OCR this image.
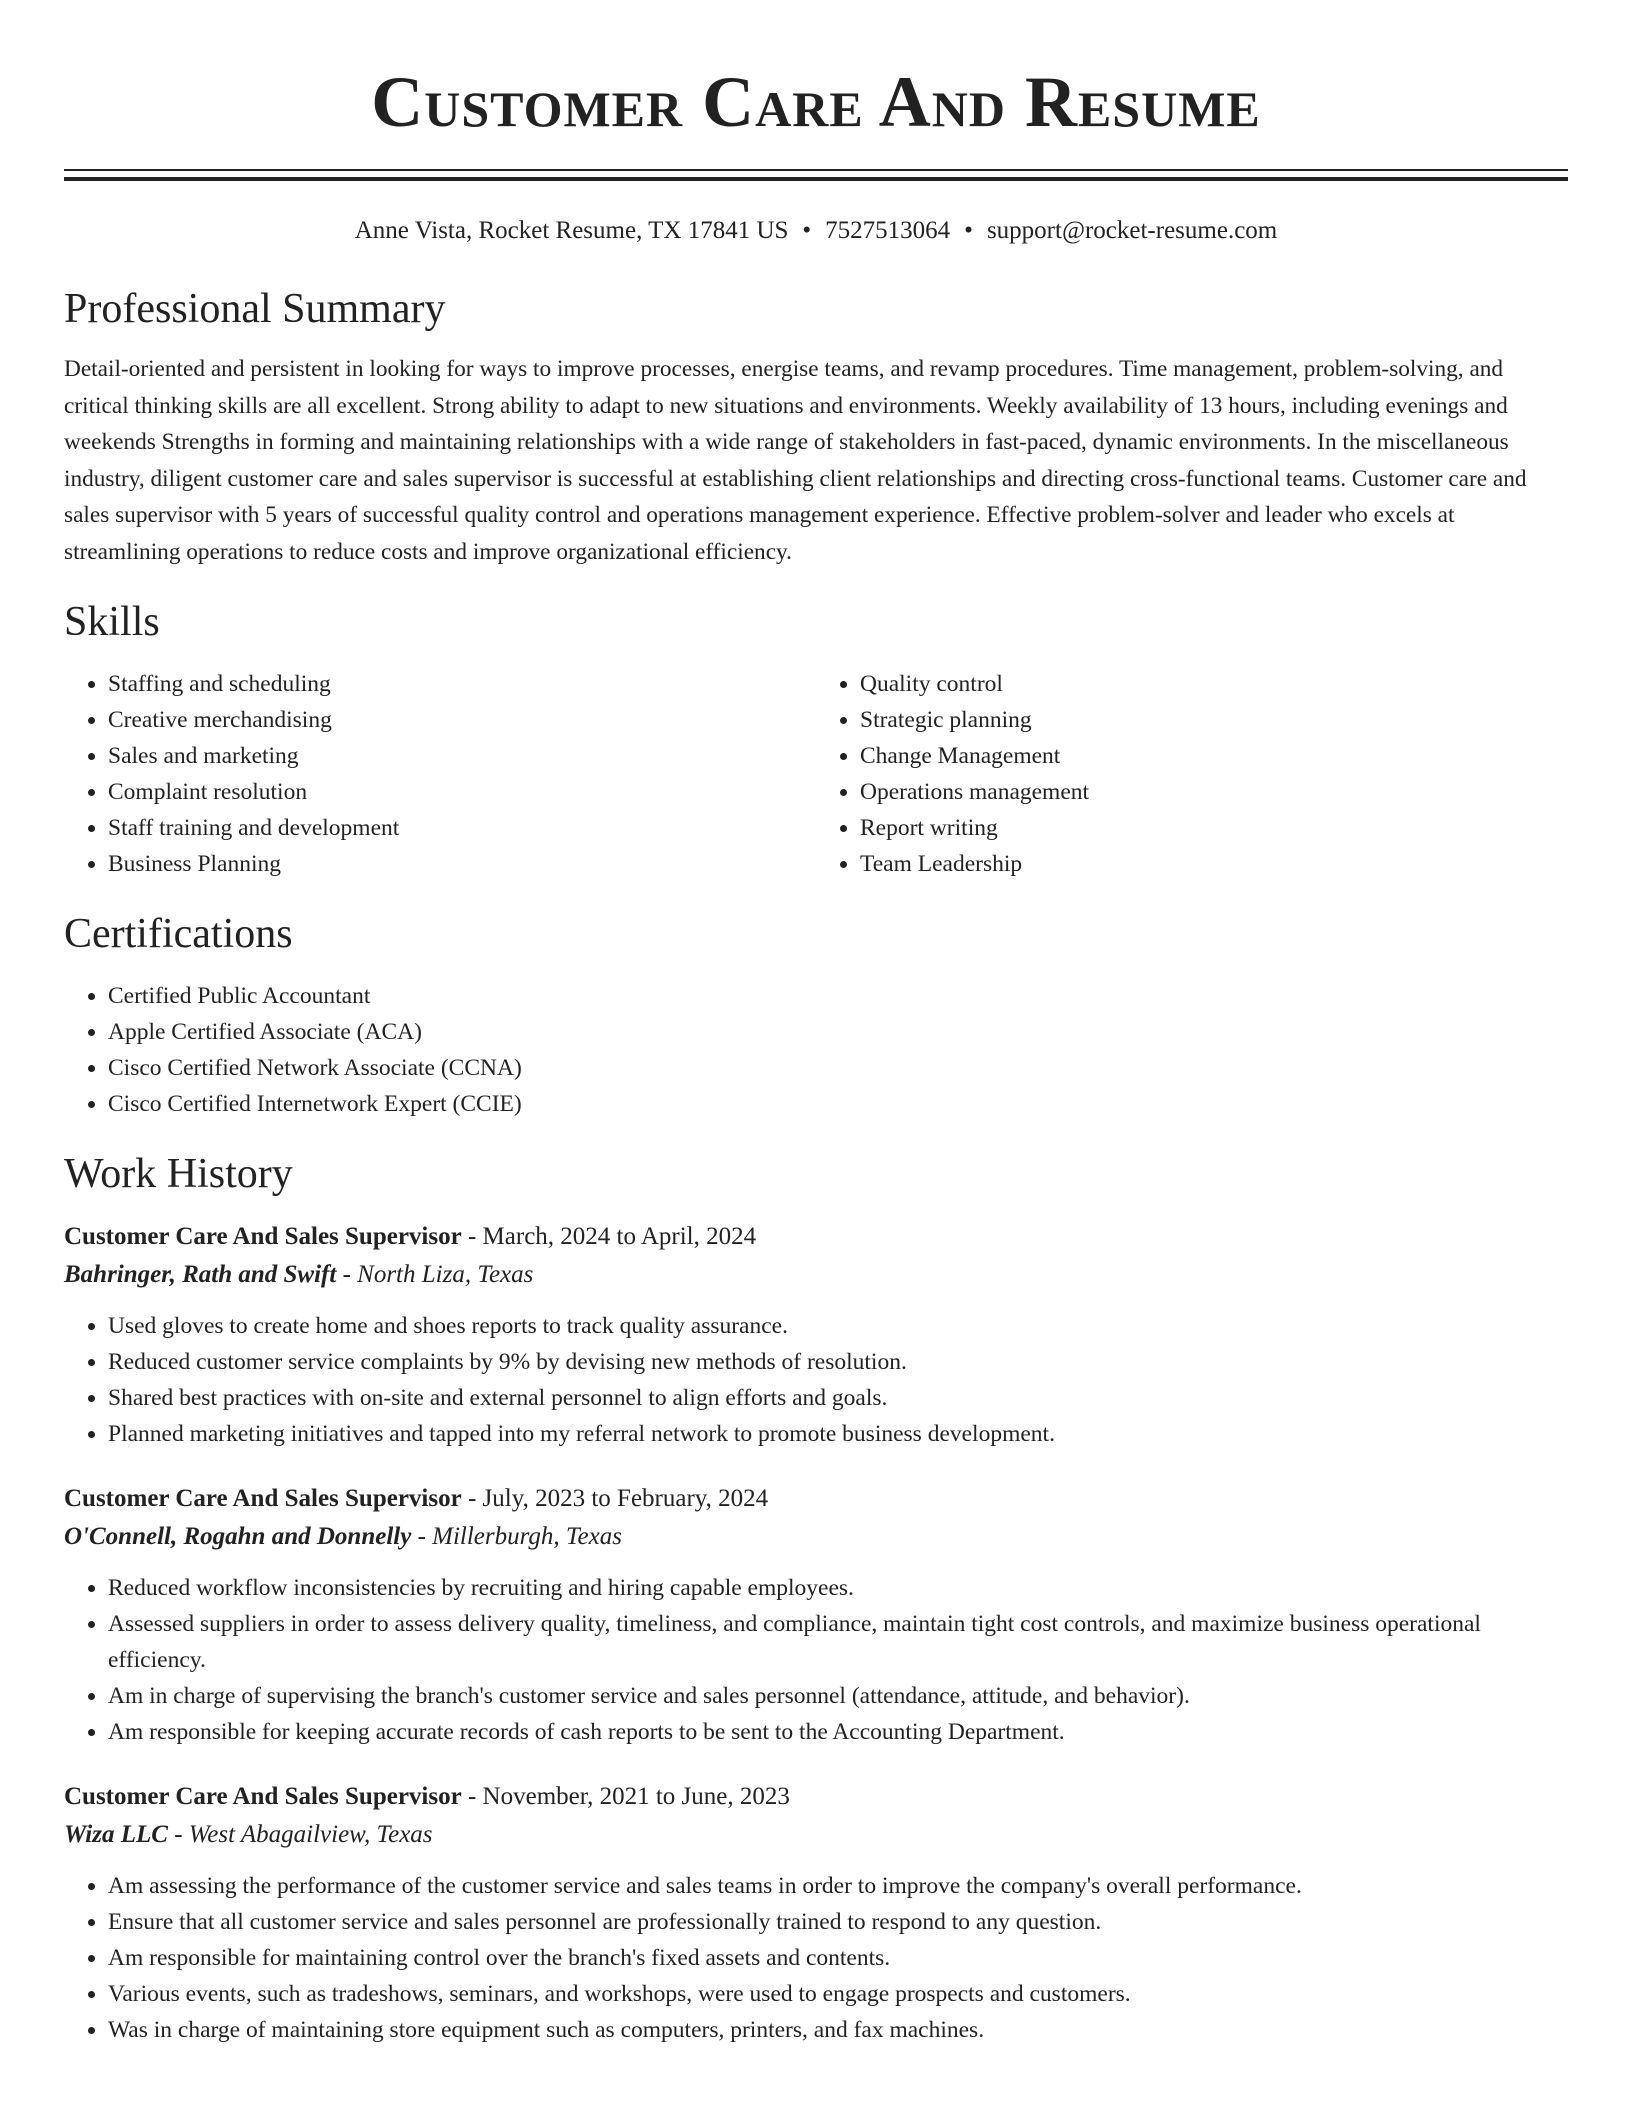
Customer Care And Resume
Anne Vista, Rocket Resume, TX 17841 US • 7527513064 • support@rocket-resume.com
Professional Summary

Detail-oriented and persistent in looking for ways to improve processes, energise teams, and revamp procedures. Time management, problem-solving, and critical thinking skills are all excellent. Strong ability to adapt to new situations and environments. Weekly availability of 13 hours, including evenings and weekends Strengths in forming and maintaining relationships with a wide range of stakeholders in fast-paced, dynamic environments. In the miscellaneous industry, diligent customer care and sales supervisor is successful at establishing client relationships and directing cross-functional teams. Customer care and sales supervisor with 5 years of successful quality control and operations management experience. Effective problem-solver and leader who excels at streamlining operations to reduce costs and improve organizational efficiency.

Skills
• Staffing and scheduling
• Creative merchandising
• Sales and marketing
• Complaint resolution
• Staff training and development
• Business Planning
• Quality control
• Strategic planning
• Change Management
• Operations management
• Report writing
• Team Leadership
Certifications
• Certified Public Accountant
• Apple Certified Associate (ACA)
• Cisco Certified Network Associate (CCNA)
• Cisco Certified Internetwork Expert (CCIE)
Work History
Customer Care And Sales Supervisor - March, 2024 to April, 2024
Bahringer, Rath and Swift - North Liza, Texas
• Used gloves to create home and shoes reports to track quality assurance.
• Reduced customer service complaints by 9% by devising new methods of resolution.
• Shared best practices with on-site and external personnel to align efforts and goals.
• Planned marketing initiatives and tapped into my referral network to promote business development.
Customer Care And Sales Supervisor - July, 2023 to February, 2024
O'Connell, Rogahn and Donnelly - Millerburgh, Texas
• Reduced workflow inconsistencies by recruiting and hiring capable employees.
• Assessed suppliers in order to assess delivery quality, timeliness, and compliance, maintain tight cost controls, and maximize business operational efficiency.
• Am in charge of supervising the branch's customer service and sales personnel (attendance, attitude, and behavior).
• Am responsible for keeping accurate records of cash reports to be sent to the Accounting Department.
Customer Care And Sales Supervisor - November, 2021 to June, 2023
Wiza LLC - West Abagailview, Texas
• Am assessing the performance of the customer service and sales teams in order to improve the company's overall performance.
• Ensure that all customer service and sales personnel are professionally trained to respond to any question.
• Am responsible for maintaining control over the branch's fixed assets and contents.
• Various events, such as tradeshows, seminars, and workshops, were used to engage prospects and customers.
• Was in charge of maintaining store equipment such as computers, printers, and fax machines.
